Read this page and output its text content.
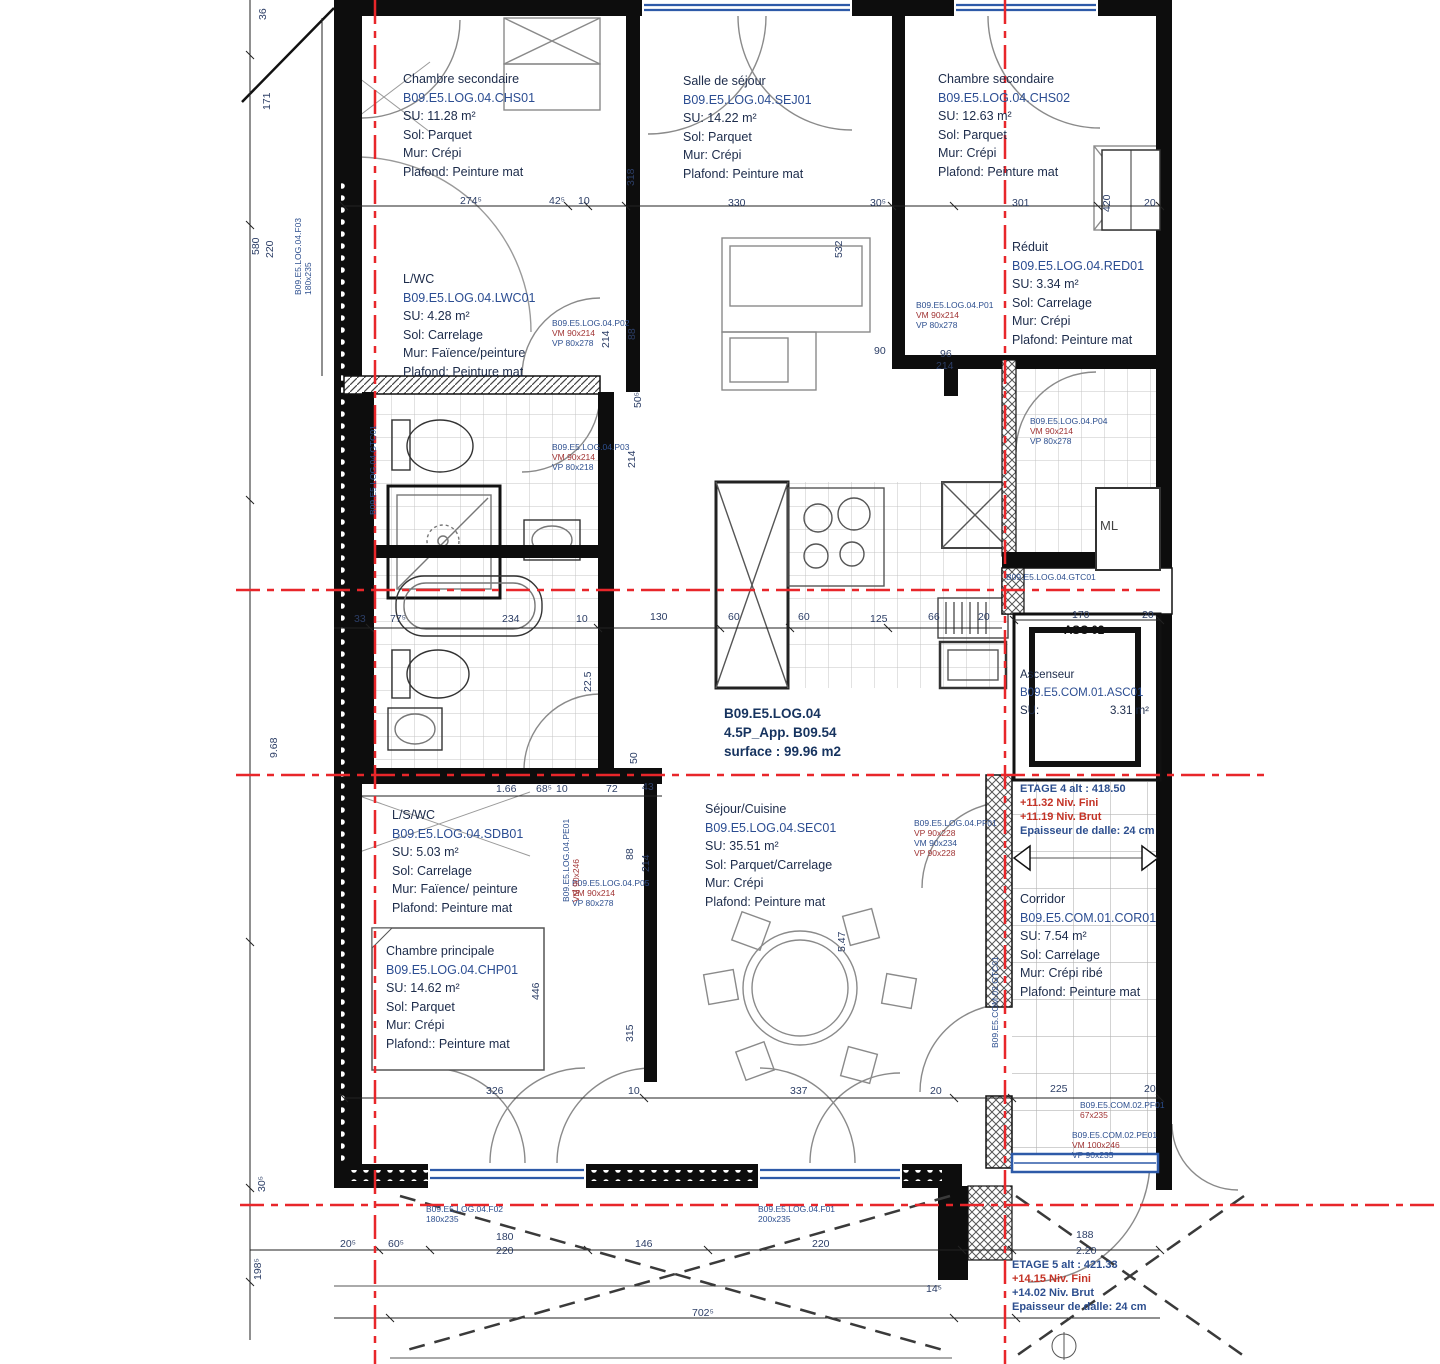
Chambre secondaire
B09.E5.LOG.04.CHS01
SU: 11.28 m²
Sol: Parquet
Mur: Crépi
Plafond: Peinture mat
Salle de séjour
B09.E5.LOG.04.SEJ01
SU: 14.22 m²
Sol: Parquet
Mur: Crépi
Plafond: Peinture mat
Chambre secondaire
B09.E5.LOG.04.CHS02
SU: 12.63 m²
Sol: Parquet
Mur: Crépi
Plafond: Peinture mat
L/WC
B09.E5.LOG.04.LWC01
SU: 4.28 m²
Sol: Carrelage
Mur: Faïence/peinture
Plafond: Peinture mat
Réduit
B09.E5.LOG.04.RED01
SU: 3.34 m²
Sol: Carrelage
Mur: Crépi
Plafond: Peinture mat
L/S/WC
B09.E5.LOG.04.SDB01
SU: 5.03 m²
Sol: Carrelage
Mur: Faïence/ peinture
Plafond: Peinture mat
Séjour/Cuisine
B09.E5.LOG.04.SEC01
SU: 35.51 m²
Sol: Parquet/Carrelage
Mur: Crépi
Plafond: Peinture mat
Chambre principale
B09.E5.LOG.04.CHP01
SU: 14.62 m²
Sol: Parquet
Mur: Crépi
Plafond:: Peinture mat
Corridor
B09.E5.COM.01.COR01
SU: 7.54 m²
Sol: Carrelage
Mur: Crépi ribé
Plafond: Peinture mat
B09.E5.LOG.04
4.5P_App. B09.54
surface : 99.96 m2
ASC 02
Ascenseur
B09.E5.COM.01.ASC01
SU:	3.31 m²
ETAGE 4 alt : 418.50
+11.32 Niv. Fini
+11.19 Niv. Brut
Epaisseur de dalle: 24 cm
ETAGE 5 alt : 421.33
+14.15 Niv. Fini
+14.02 Niv. Brut
Epaisseur de dalle: 24 cm
ML
B09.E5.LOG.04.P02
VM 90x214
VP 80x278
B09.E5.LOG.04.P03
VM 90x214
VP 80x218
B09.E5.LOG.04.P01
VM 90x214
VP 80x278
B09.E5.LOG.04.P04
VM 90x214
VP 80x278
B09.E5.LOG.04.PF01
VP 90x228
VM 90x234
VP 90x228
B09.E5.LOG.04.P05
VM 90x214
VP 80x278
B09.E5.COM.02.PF01
67x235
B09.E5.COM.02.PE01
VM 100x246
VP 90x235
B09.E5.LOG.04.F02
180x235
B09.E5.LOG.04.F01
200x235
B09.E5.LOG.04.GTC01
B09.E5.LOG.04.GTC01
B09.E5.COM.02.GTC01
B09.E5.LOG.04.F03 180x235
B09.E5.LOG.04.PE01 VM 90x246
36
171
580 220
9.68
30⁵
198⁵
274⁵	42⁵ 10	330	30⁵	301	420	20
318
532
214 88
50⁵
214
33 77⁵	234	10	130	60	60	125	66	20	170	20
22.5
50
1.66 68⁵ 10	72 43
88
214
446
315
5.47
326	10	337	20	225	20
90	96
214
20⁵	60⁵
180
220
146	220
14⁵
188
2.20
702⁵
